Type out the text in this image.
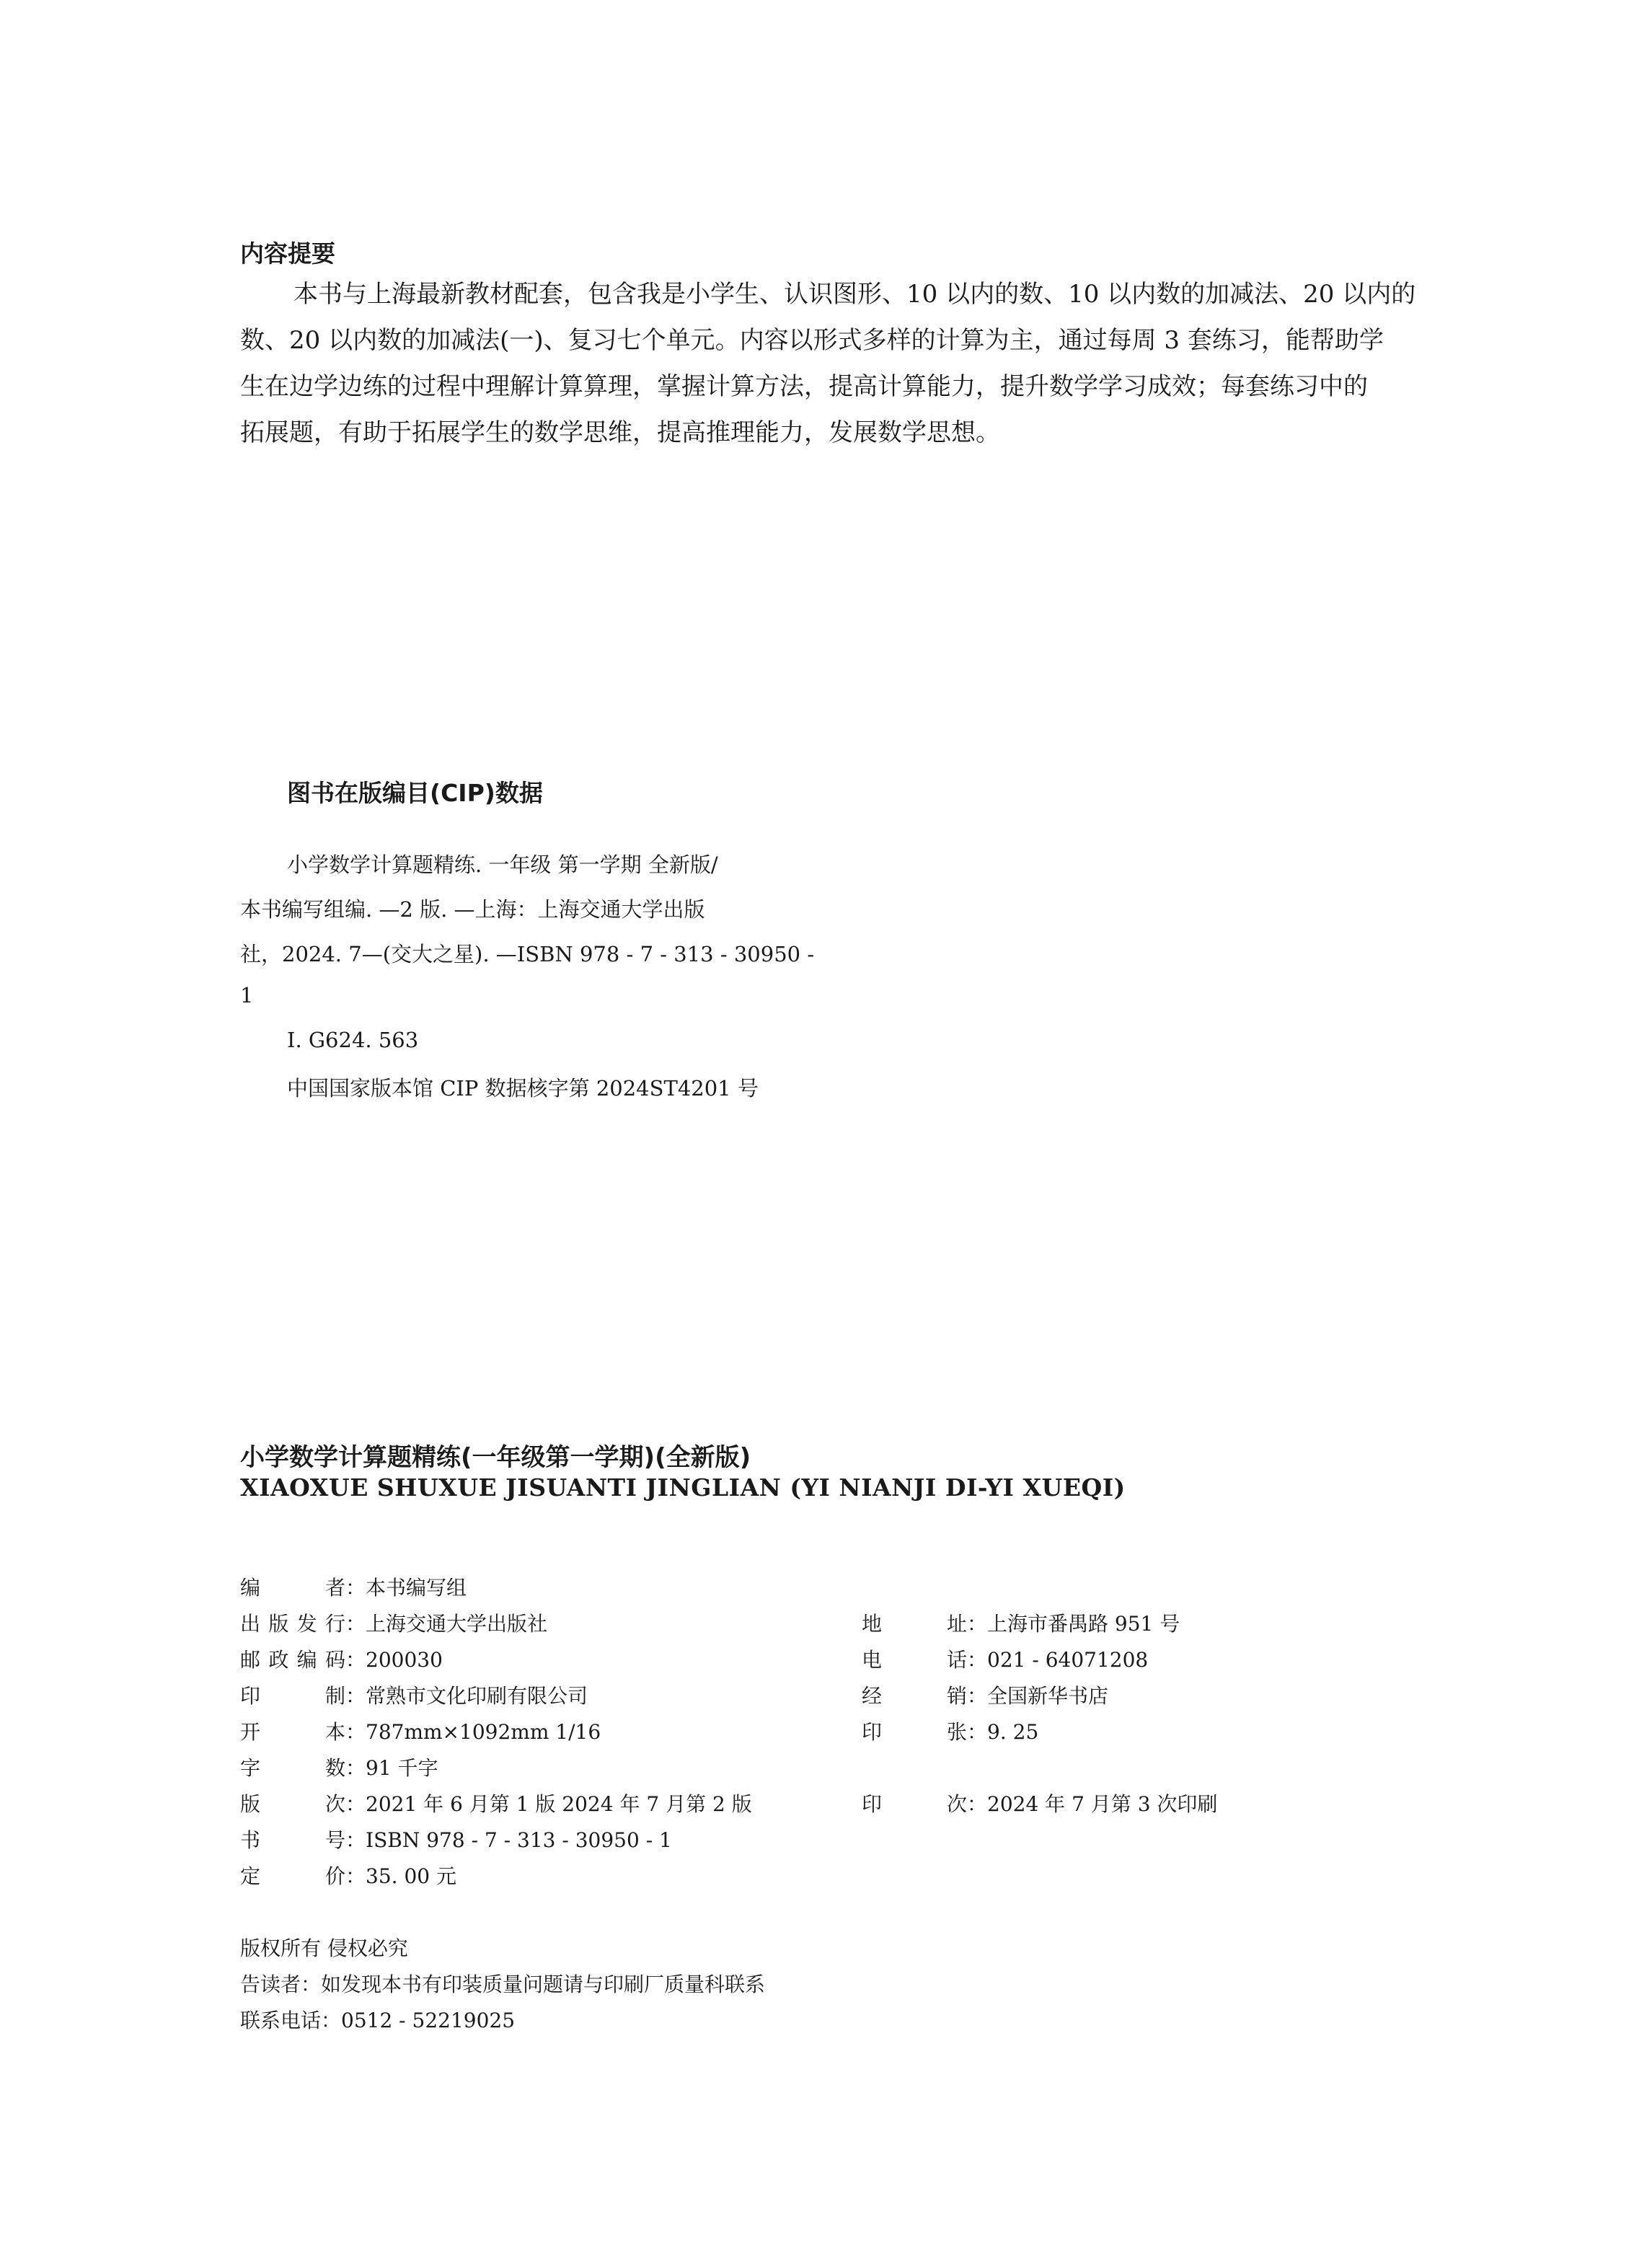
内容提要
本书与上海最新教材配套，包含我是小学生、认识图形、10 以内的数、10 以内数的加减法、20 以内的
数、20 以内数的加减法(一)、复习七个单元。内容以形式多样的计算为主，通过每周 3 套练习，能帮助学
生在边学边练的过程中理解计算算理，掌握计算方法，提高计算能力，提升数学学习成效；每套练习中的
拓展题，有助于拓展学生的数学思维，提高推理能力，发展数学思想。
图书在版编目(CIP)数据
小学数学计算题精练. 一年级 第一学期 全新版/
本书编写组编. —2 版. —上海：上海交通大学出版
社，2024. 7—(交大之星). —ISBN 978 - 7 - 313 - 30950 -
1
Ⅰ. G624. 563
中国国家版本馆 CIP 数据核字第 2024ST4201 号
小学数学计算题精练(一年级第一学期)(全新版)
XIAOXUE SHUXUE JISUANTI JINGLIAN (YI NIANJI DI-YI XUEQI)
编者：本书编写组
出版发行：上海交通大学出版社
邮政编码：200030
印制：常熟市文化印刷有限公司
开本：787mm×1092mm 1/16
字数：91 千字
版次：2021 年 6 月第 1 版 2024 年 7 月第 2 版
书号：ISBN 978 - 7 - 313 - 30950 - 1
定价：35. 00 元
地址：上海市番禺路 951 号
电话：021 - 64071208
经销：全国新华书店
印张：9. 25
印次：2024 年 7 月第 3 次印刷
版权所有 侵权必究
告读者：如发现本书有印装质量问题请与印刷厂质量科联系
联系电话：0512 - 52219025
